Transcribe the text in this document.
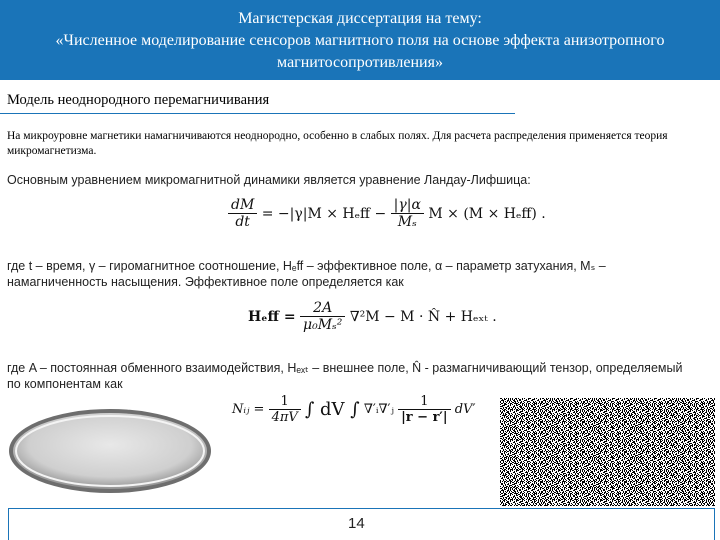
Магистерская диссертация на тему:
«Численное моделирование сенсоров магнитного поля на основе эффекта анизотропного
магнитосопротивления»
Модель неоднородного перемагничивания
На микроуровне магнетики намагничиваются неоднородно, особенно в слабых полях. Для расчета распределения применяется теория микромагнетизма.
Основным уравнением микромагнитной динамики является уравнение Ландау-Лифшица:
$\frac{dM}{dt} = -|\gamma|M \times H_eff - \frac{|\gamma|\alpha}{\text{Mₛ}}$ M × (M × Hₑff) .
где t – время, γ – гиромагнитное соотношение, Hₑff – эффективное поле, α – параметр затухания, Mₛ –
намагниченность насыщения. Эффективное поле определяется как
$H_eff = \frac{2A}{\text{μ₀Mₛ²}} \nabla^2M - M$ · N̂ + Hₑₓₜ .
где A – постоянная обменного взаимодействия, Hₑₓₜ – внешнее поле, N̂ - размагничивающий тензор, определяемый
по компонентам как
Nᵢⱼ = $\frac{1}{4\pi V}$ ∫ dV ∫ ∇′ᵢ∇′ⱼ $\frac{1}{|r - r'|} dV'$
14
